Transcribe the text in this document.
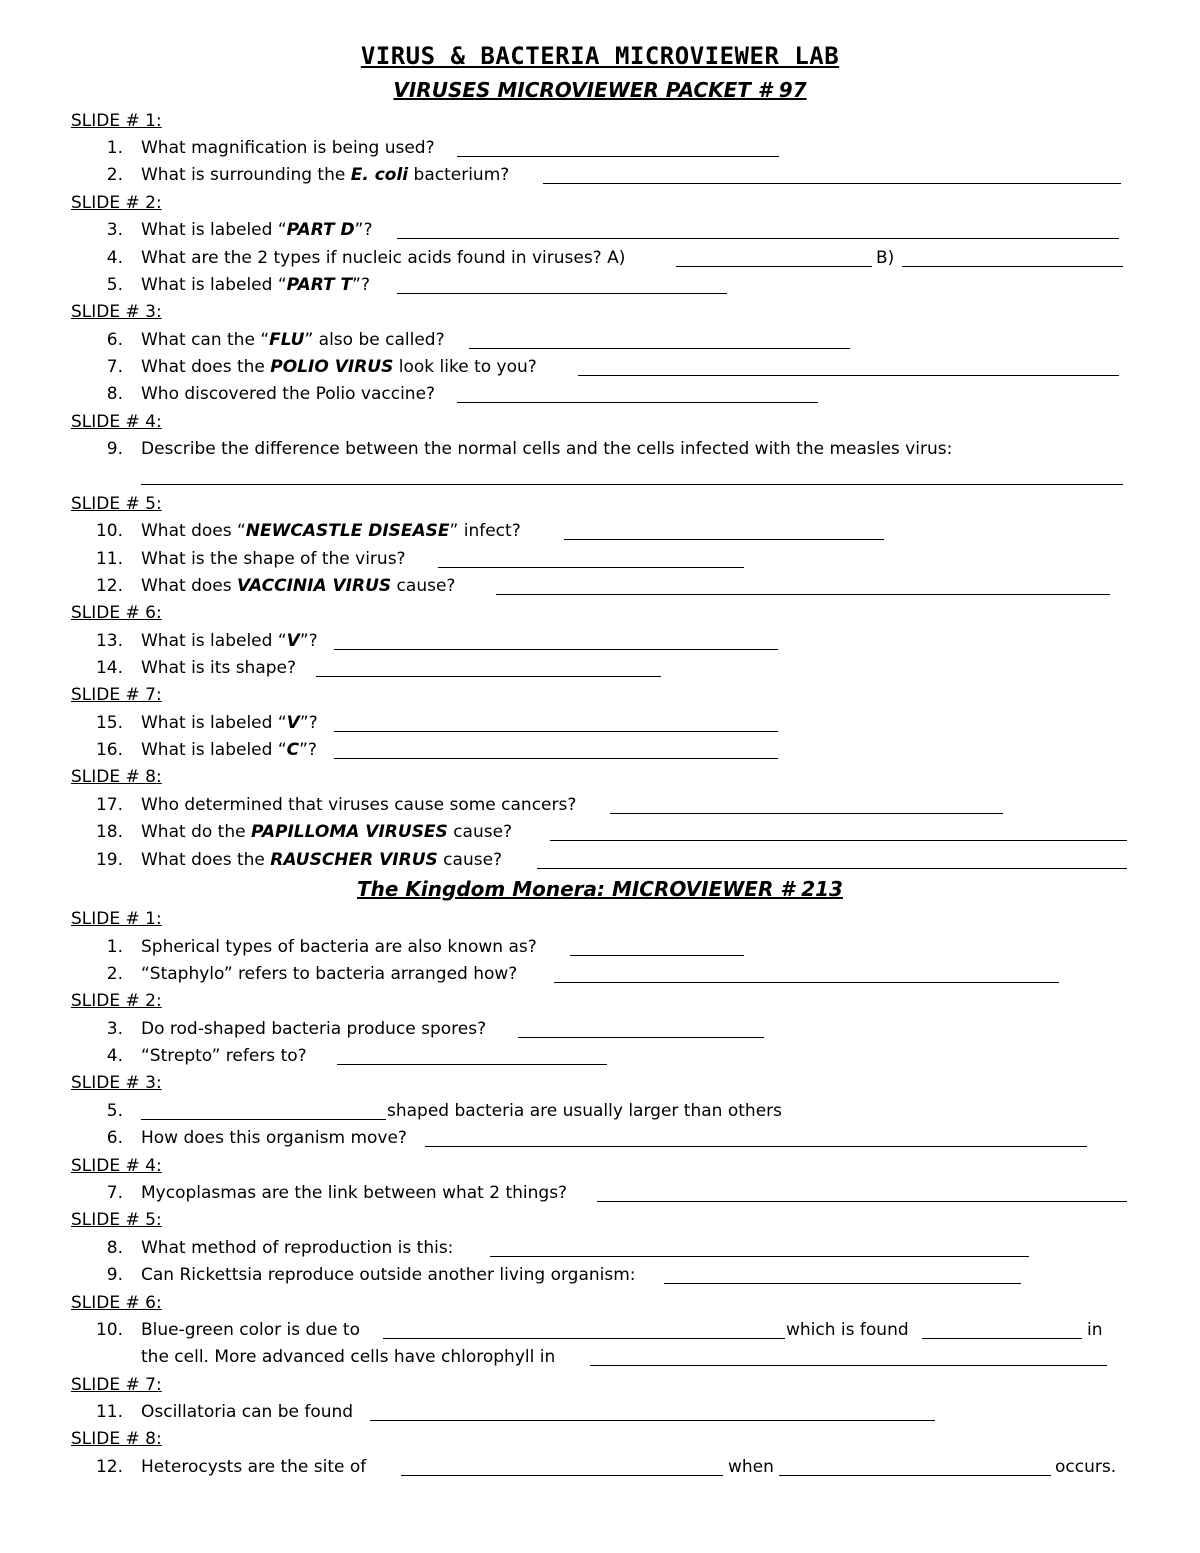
VIRUS & BACTERIA MICROVIEWER LAB
VIRUSES MICROVIEWER PACKET # 97
SLIDE # 1:
1. What magnification is being used?
2. What is surrounding the E. coli bacterium?
SLIDE # 2:
3. What is labeled “PART D”?
4. What are the 2 types if nucleic acids found in viruses? A)	B)
5. What is labeled “PART T”?
SLIDE # 3:
6. What can the “FLU” also be called?
7. What does the POLIO VIRUS look like to you?
8. Who discovered the Polio vaccine?
SLIDE # 4:
9. Describe the difference between the normal cells and the cells infected with the measles virus:
SLIDE # 5:
10. What does “NEWCASTLE DISEASE” infect?
11. What is the shape of the virus?
12. What does VACCINIA VIRUS cause?
SLIDE # 6:
13. What is labeled “V”?
14. What is its shape?
SLIDE # 7:
15. What is labeled “V”?
16. What is labeled “C”?
SLIDE # 8:
17. Who determined that viruses cause some cancers?
18. What do the PAPILLOMA VIRUSES cause?
19. What does the RAUSCHER VIRUS cause?
The Kingdom Monera: MICROVIEWER # 213
SLIDE # 1:
1. Spherical types of bacteria are also known as?
2. “Staphylo” refers to bacteria arranged how?
SLIDE # 2:
3. Do rod-shaped bacteria produce spores?
4. “Strepto” refers to?
SLIDE # 3:
5.	shaped bacteria are usually larger than others
6. How does this organism move?
SLIDE # 4:
7. Mycoplasmas are the link between what 2 things?
SLIDE # 5:
8. What method of reproduction is this:
9. Can Rickettsia reproduce outside another living organism:
SLIDE # 6:
10. Blue-green color is due to	which is found	in
the cell. More advanced cells have chlorophyll in
SLIDE # 7:
11. Oscillatoria can be found
SLIDE # 8:
12. Heterocysts are the site of	when	occurs.
